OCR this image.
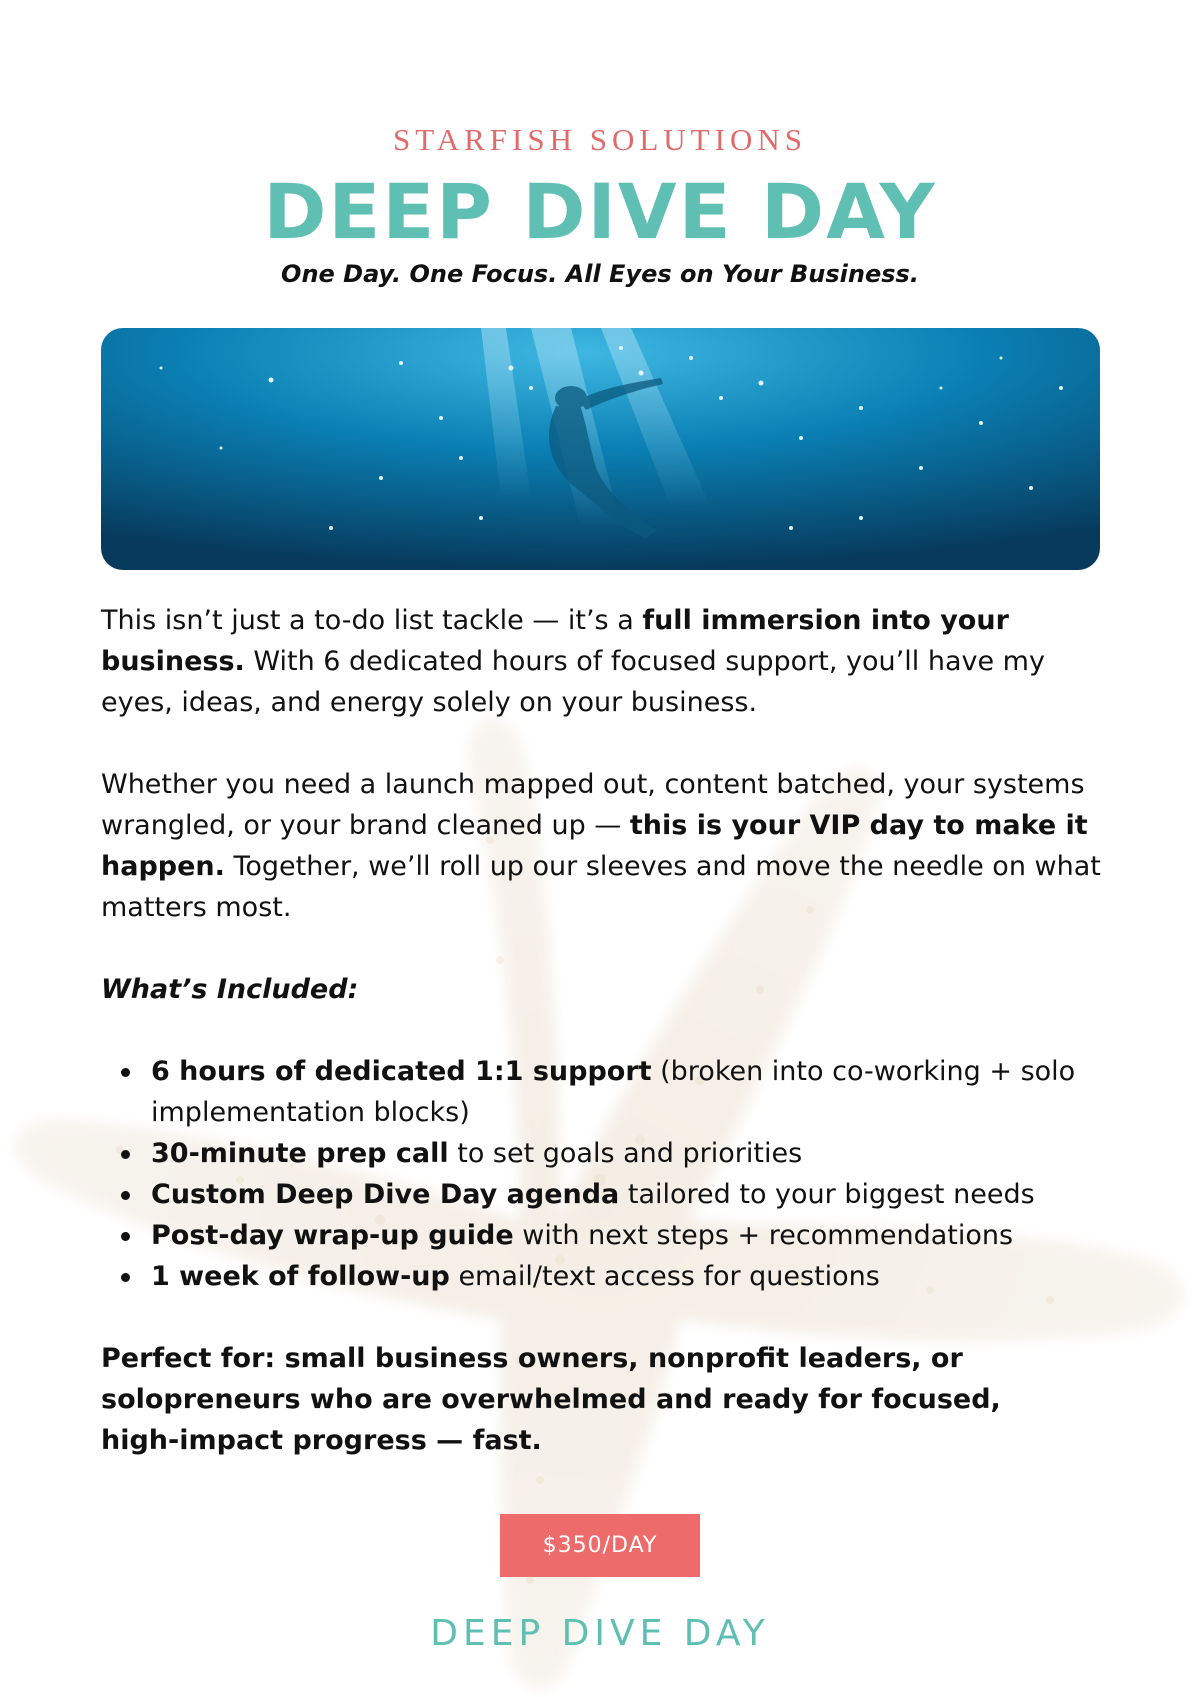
STARFISH SOLUTIONS

DEEP DIVE DAY

One Day. One Focus. All Eyes on Your Business.

This isn’t just a to-do list tackle — it’s a full immersion into your business. With 6 dedicated hours of focused support, you’ll have my eyes, ideas, and energy solely on your business.

Whether you need a launch mapped out, content batched, your systems wrangled, or your brand cleaned up — this is your VIP day to make it happen. Together, we’ll roll up our sleeves and move the needle on what matters most.

What’s Included:

6 hours of dedicated 1:1 support (broken into co-working + solo implementation blocks)
30-minute prep call to set goals and priorities
Custom Deep Dive Day agenda tailored to your biggest needs
Post-day wrap-up guide with next steps + recommendations
1 week of follow-up email/text access for questions

Perfect for: small business owners, nonprofit leaders, or solopreneurs who are overwhelmed and ready for focused, high-impact progress — fast.

$350/DAY
DEEP DIVE DAY
